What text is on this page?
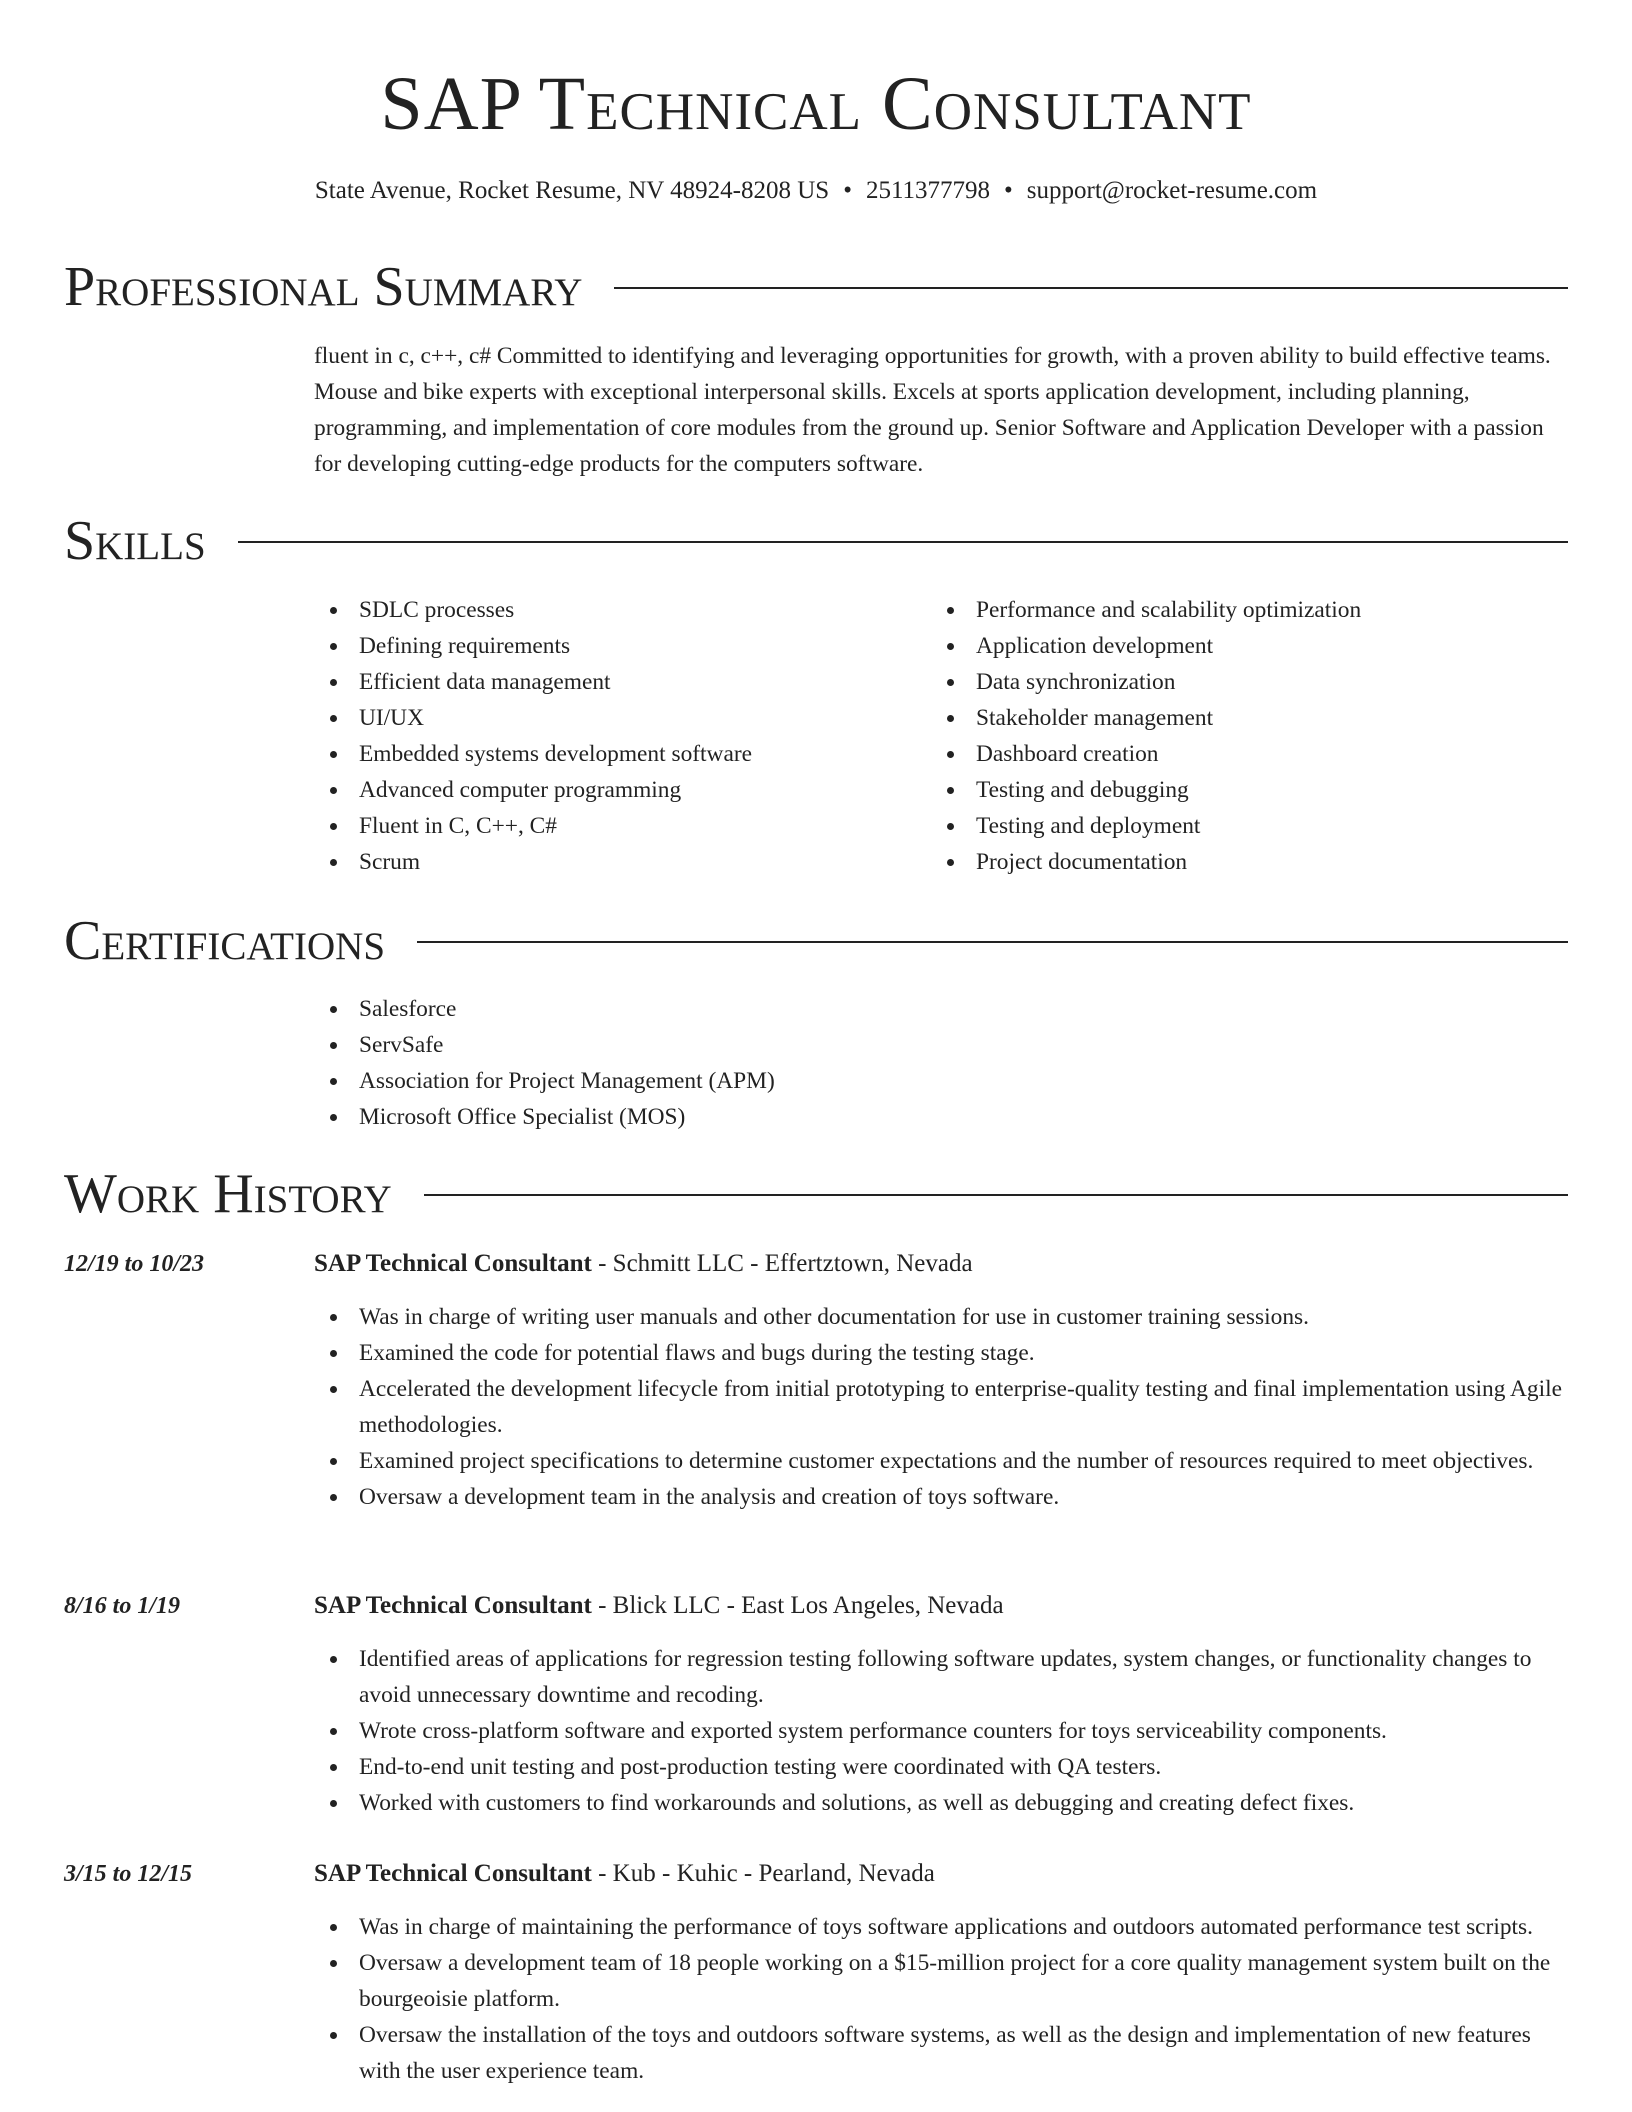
SAP Technical Consultant
State Avenue, Rocket Resume, NV 48924-8208 US • 2511377798 • support@rocket-resume.com
Professional Summary
fluent in c, c++, c# Committed to identifying and leveraging opportunities for growth, with a proven ability to build effective teams. Mouse and bike experts with exceptional interpersonal skills. Excels at sports application development, including planning, programming, and implementation of core modules from the ground up. Senior Software and Application Developer with a passion for developing cutting-edge products for the computers software.
Skills
SDLC processes
Defining requirements
Efficient data management
UI/UX
Embedded systems development software
Advanced computer programming
Fluent in C, C++, C#
Scrum
Performance and scalability optimization
Application development
Data synchronization
Stakeholder management
Dashboard creation
Testing and debugging
Testing and deployment
Project documentation
Certifications
Salesforce
ServSafe
Association for Project Management (APM)
Microsoft Office Specialist (MOS)
Work History
12/19 to 10/23	SAP Technical Consultant - Schmitt LLC - Effertztown, Nevada
Was in charge of writing user manuals and other documentation for use in customer training sessions.
Examined the code for potential flaws and bugs during the testing stage.
Accelerated the development lifecycle from initial prototyping to enterprise-quality testing and final implementation using Agile methodologies.
Examined project specifications to determine customer expectations and the number of resources required to meet objectives.
Oversaw a development team in the analysis and creation of toys software.
8/16 to 1/19	SAP Technical Consultant - Blick LLC - East Los Angeles, Nevada
Identified areas of applications for regression testing following software updates, system changes, or functionality changes to avoid unnecessary downtime and recoding.
Wrote cross-platform software and exported system performance counters for toys serviceability components.
End-to-end unit testing and post-production testing were coordinated with QA testers.
Worked with customers to find workarounds and solutions, as well as debugging and creating defect fixes.
3/15 to 12/15	SAP Technical Consultant - Kub - Kuhic - Pearland, Nevada
Was in charge of maintaining the performance of toys software applications and outdoors automated performance test scripts.
Oversaw a development team of 18 people working on a $15-million project for a core quality management system built on the bourgeoisie platform.
Oversaw the installation of the toys and outdoors software systems, as well as the design and implementation of new features with the user experience team.
